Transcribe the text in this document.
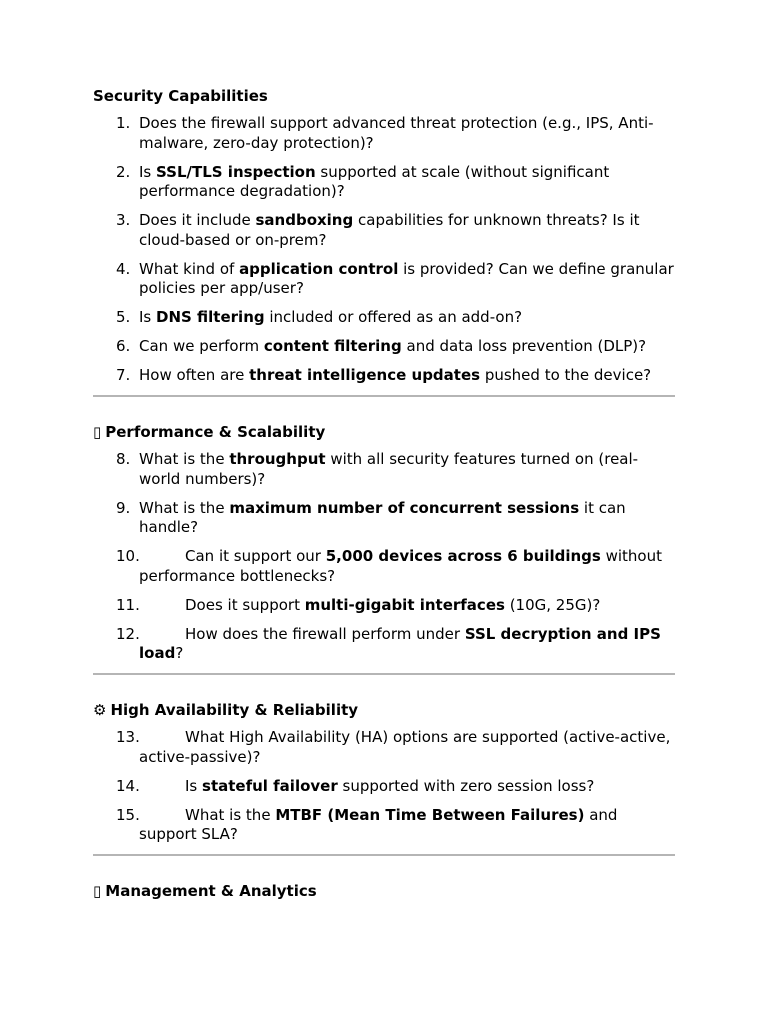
Security Capabilities
1. Does the firewall support advanced threat protection (e.g., IPS, Anti-malware, zero-day protection)?
2. Is SSL/TLS inspection supported at scale (without significant performance degradation)?
3. Does it include sandboxing capabilities for unknown threats? Is it cloud-based or on-prem?
4. What kind of application control is provided? Can we define granular policies per app/user?
5. Is DNS filtering included or offered as an add-on?
6. Can we perform content filtering and data loss prevention (DLP)?
7. How often are threat intelligence updates pushed to the device?
▯ Performance & Scalability
8. What is the throughput with all security features turned on (real-world numbers)?
9. What is the maximum number of concurrent sessions it can handle?
10.	Can it support our 5,000 devices across 6 buildings without performance bottlenecks?
11.	Does it support multi-gigabit interfaces (10G, 25G)?
12.	How does the firewall perform under SSL decryption and IPS load?
⚙ High Availability & Reliability
13.	What High Availability (HA) options are supported (active-active, active-passive)?
14.	Is stateful failover supported with zero session loss?
15.	What is the MTBF (Mean Time Between Failures) and support SLA?
▯ Management & Analytics
